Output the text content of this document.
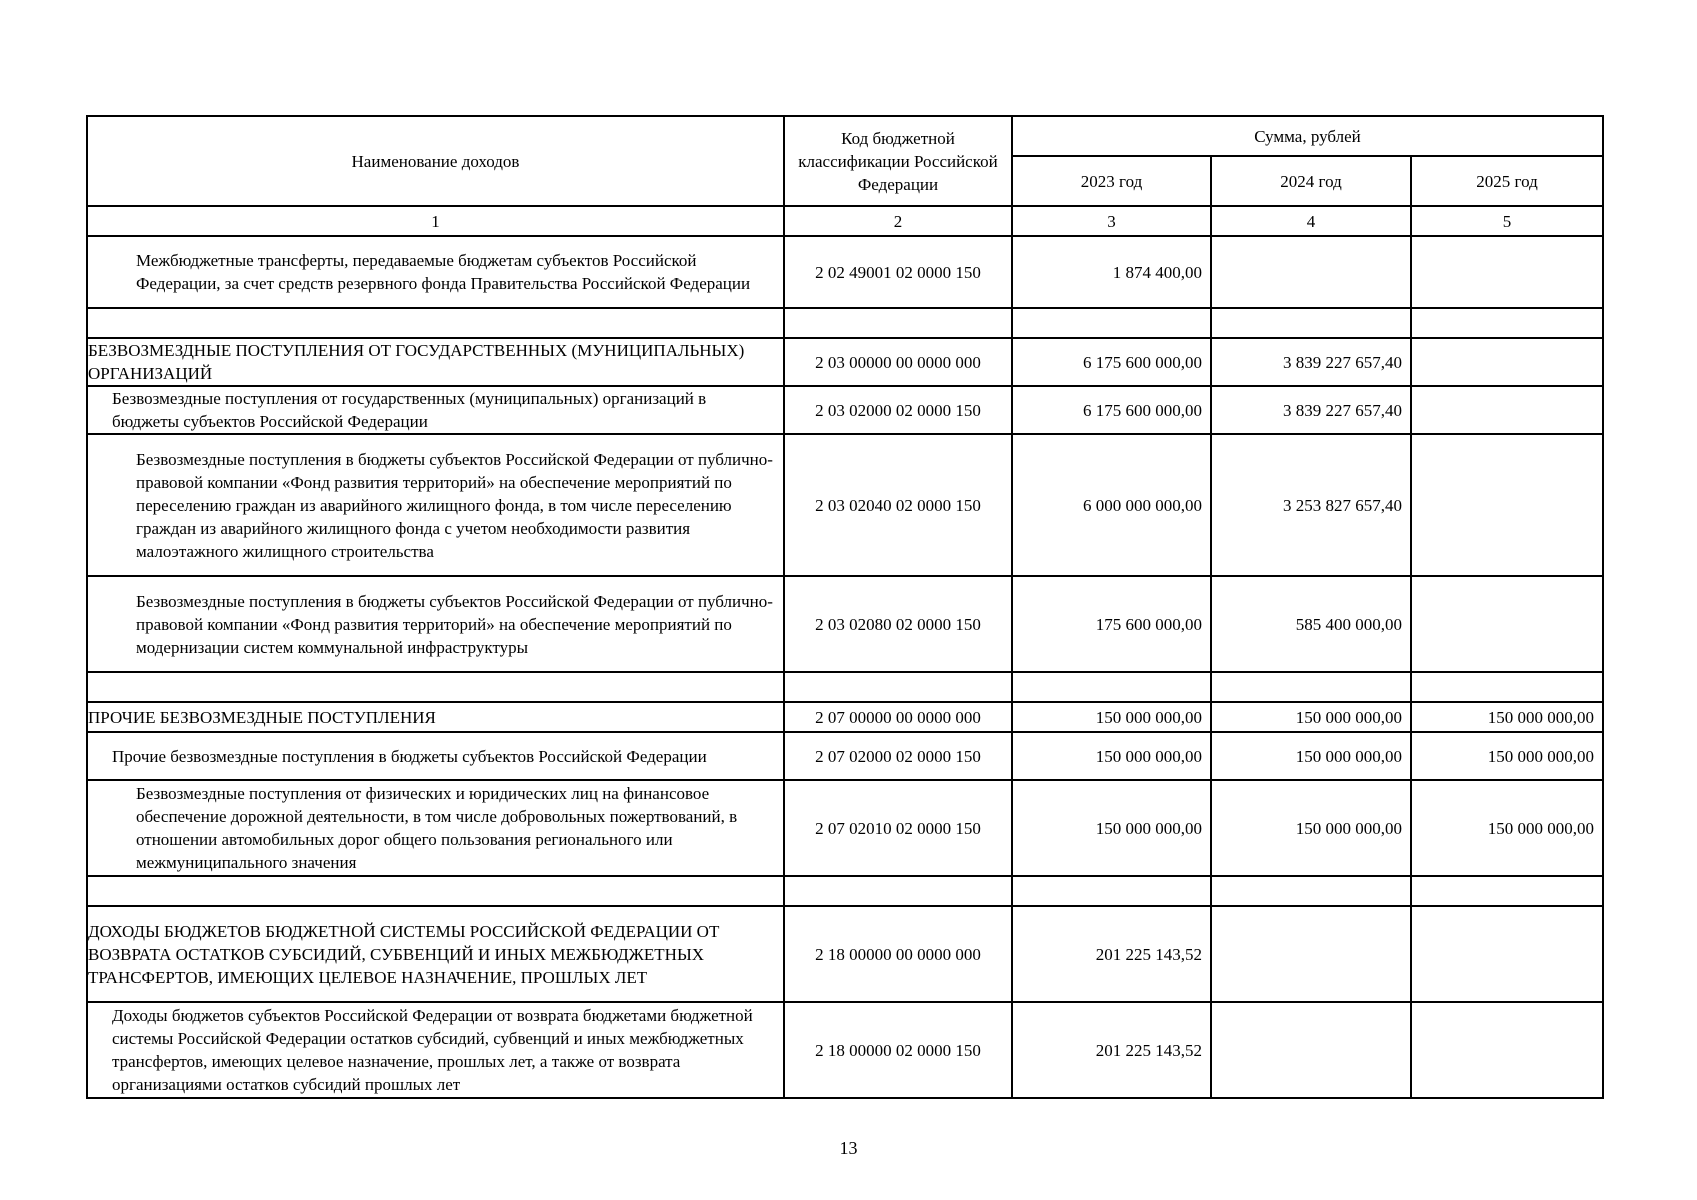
Наименование доходов	Код бюджетной классификации Российской Федерации	Сумма, рублей		
		2023 год	2024 год	2025 год
1	2	3	4	5
Межбюджетные трансферты, передаваемые бюджетам субъектов Российской Федерации, за счет средств резервного фонда Правительства Российской Федерации	2 02 49001 02 0000 150	1 874 400,00		

БЕЗВОЗМЕЗДНЫЕ ПОСТУПЛЕНИЯ ОТ ГОСУДАРСТВЕННЫХ (МУНИЦИПАЛЬНЫХ) ОРГАНИЗАЦИЙ	2 03 00000 00 0000 000	6 175 600 000,00	3 839 227 657,40	
Безвозмездные поступления от государственных (муниципальных) организаций в бюджеты субъектов Российской Федерации	2 03 02000 02 0000 150	6 175 600 000,00	3 839 227 657,40	
Безвозмездные поступления в бюджеты субъектов Российской Федерации от публично-правовой компании «Фонд развития территорий» на обеспечение мероприятий по переселению граждан из аварийного жилищного фонда, в том числе переселению граждан из аварийного жилищного фонда с учетом необходимости развития малоэтажного жилищного строительства	2 03 02040 02 0000 150	6 000 000 000,00	3 253 827 657,40	
Безвозмездные поступления в бюджеты субъектов Российской Федерации от публично-правовой компании «Фонд развития территорий» на обеспечение мероприятий по модернизации систем коммунальной инфраструктуры	2 03 02080 02 0000 150	175 600 000,00	585 400 000,00	

ПРОЧИЕ БЕЗВОЗМЕЗДНЫЕ ПОСТУПЛЕНИЯ	2 07 00000 00 0000 000	150 000 000,00	150 000 000,00	150 000 000,00
Прочие безвозмездные поступления в бюджеты субъектов Российской Федерации	2 07 02000 02 0000 150	150 000 000,00	150 000 000,00	150 000 000,00
Безвозмездные поступления от физических и юридических лиц на финансовое обеспечение дорожной деятельности, в том числе добровольных пожертвований, в отношении автомобильных дорог общего пользования регионального или межмуниципального значения	2 07 02010 02 0000 150	150 000 000,00	150 000 000,00	150 000 000,00

ДОХОДЫ БЮДЖЕТОВ БЮДЖЕТНОЙ СИСТЕМЫ РОССИЙСКОЙ ФЕДЕРАЦИИ ОТ ВОЗВРАТА ОСТАТКОВ СУБСИДИЙ, СУБВЕНЦИЙ И ИНЫХ МЕЖБЮДЖЕТНЫХ ТРАНСФЕРТОВ, ИМЕЮЩИХ ЦЕЛЕВОЕ НАЗНАЧЕНИЕ, ПРОШЛЫХ ЛЕТ	2 18 00000 00 0000 000	201 225 143,52		
Доходы бюджетов субъектов Российской Федерации от возврата бюджетами бюджетной системы Российской Федерации остатков субсидий, субвенций и иных межбюджетных трансфертов, имеющих целевое назначение, прошлых лет, а также от возврата организациями остатков субсидий прошлых лет	2 18 00000 02 0000 150	201 225 143,52		
13
